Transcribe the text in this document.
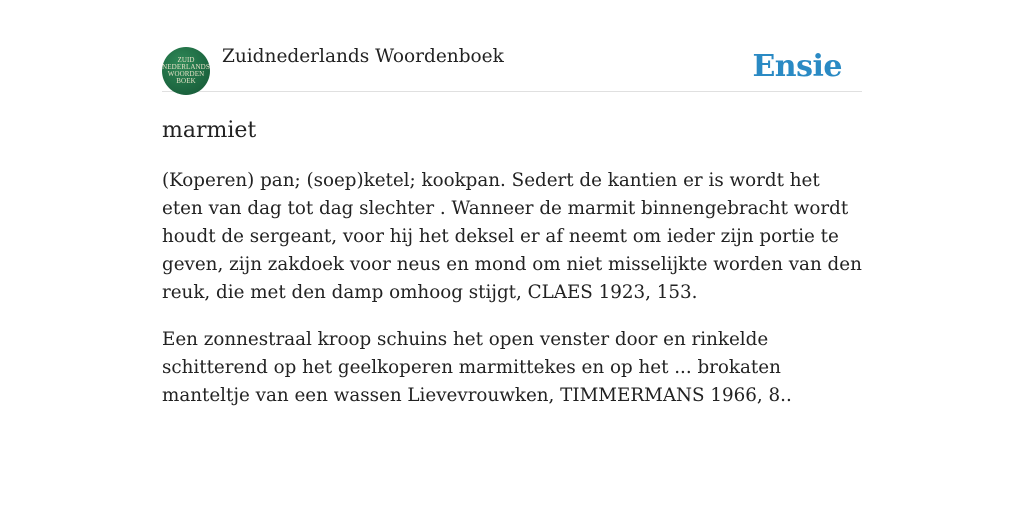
ZUID
NEDERLANDS
WOORDEN
BOEK
Zuidnederlands Woordenboek	Ensie
marmiet

(Koperen) pan; (soep)ketel; kookpan. Sedert de kantien er is wordt het eten van dag tot dag slechter . Wanneer de marmit binnengebracht wordt houdt de sergeant, voor hij het deksel er af neemt om ieder zijn portie te geven, zijn zakdoek voor neus en mond om niet misselijkte worden van den reuk, die met den damp omhoog stijgt, CLAES 1923, 153.

Een zonnestraal kroop schuins het open venster door en rinkelde schitterend op het geelkoperen marmittekes en op het ... brokaten manteltje van een wassen Lievevrouwken, TIMMERMANS 1966, 8..
